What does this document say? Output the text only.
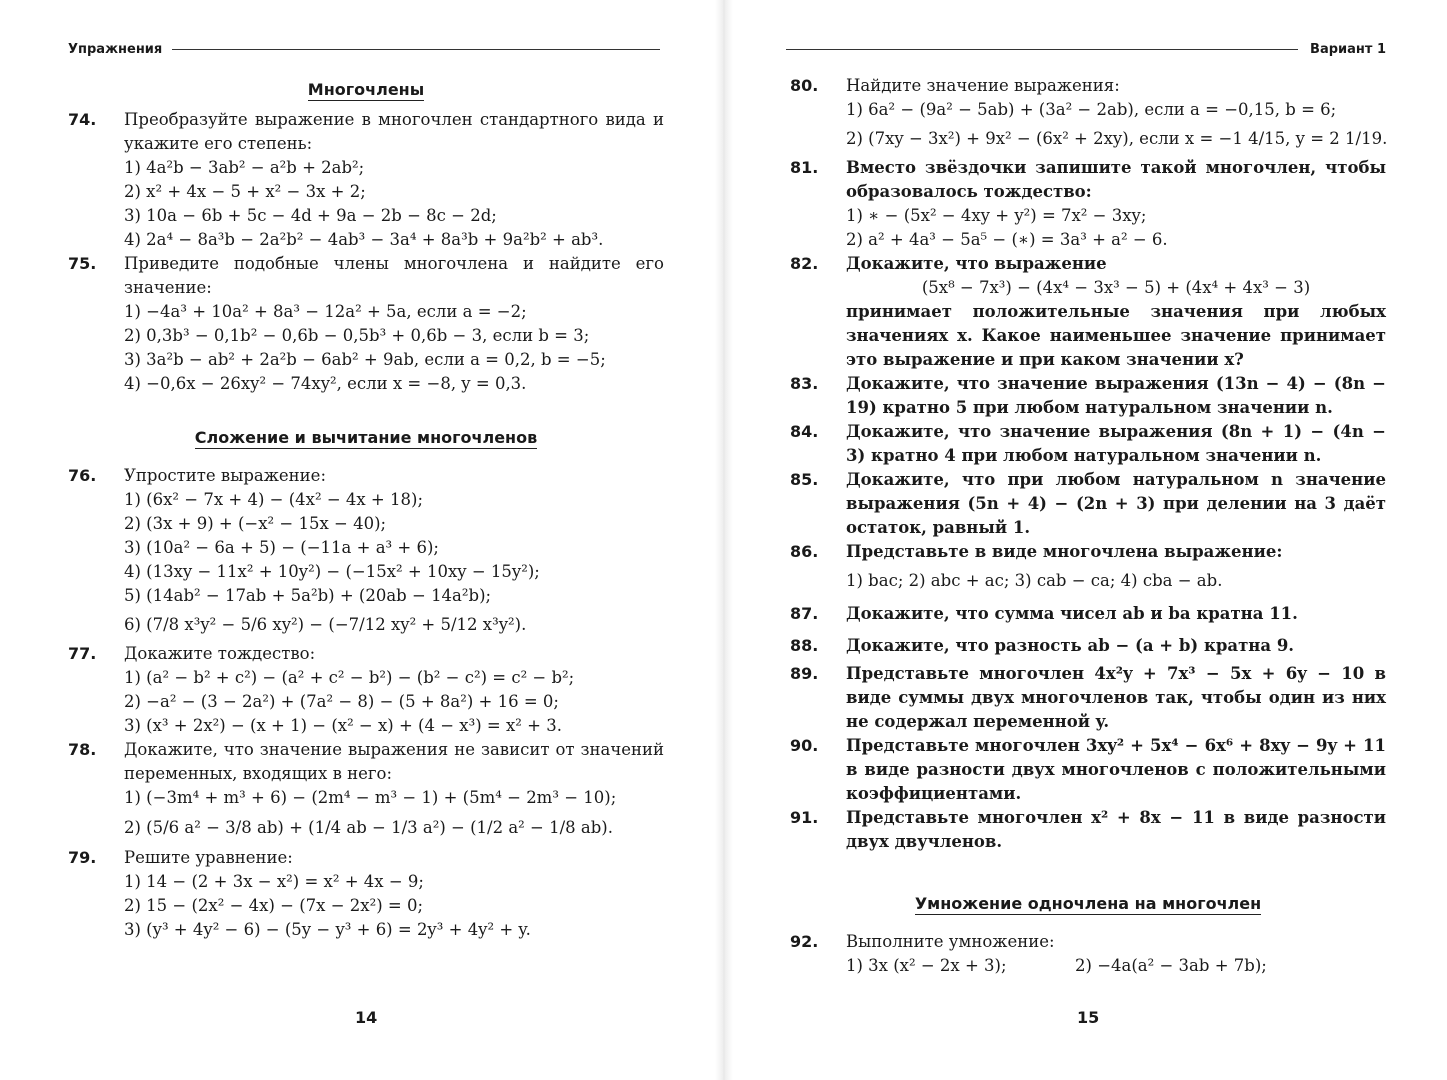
Упражнения
Многочлены
74.	Преобразуйте выражение в многочлен стандартного вида и укажите его степень:
1) 4a²b − 3ab² − a²b + 2ab²;
2) x² + 4x − 5 + x² − 3x + 2;
3) 10a − 6b + 5c − 4d + 9a − 2b − 8c − 2d;
4) 2a⁴ − 8a³b − 2a²b² − 4ab³ − 3a⁴ + 8a³b + 9a²b² + ab³.
75.	Приведите подобные члены многочлена и найдите его значение:
1) −4a³ + 10a² + 8a³ − 12a² + 5a, если a = −2;
2) 0,3b³ − 0,1b² − 0,6b − 0,5b³ + 0,6b − 3, если b = 3;
3) 3a²b − ab² + 2a²b − 6ab² + 9ab, если a = 0,2, b = −5;
4) −0,6x − 26xy² − 74xy², если x = −8, y = 0,3.
Сложение и вычитание многочленов
76.	Упростите выражение:
1) (6x² − 7x + 4) − (4x² − 4x + 18);
2) (3x + 9) + (−x² − 15x − 40);
3) (10a² − 6a + 5) − (−11a + a³ + 6);
4) (13xy − 11x² + 10y²) − (−15x² + 10xy − 15y²);
5) (14ab² − 17ab + 5a²b) + (20ab − 14a²b);
6) (7/8 x³y² − 5/6 xy²) − (−7/12 xy² + 5/12 x³y²).
77.	Докажите тождество:
1) (a² − b² + c²) − (a² + c² − b²) − (b² − c²) = c² − b²;
2) −a² − (3 − 2a²) + (7a² − 8) − (5 + 8a²) + 16 = 0;
3) (x³ + 2x²) − (x + 1) − (x² − x) + (4 − x³) = x² + 3.
78.	Докажите, что значение выражения не зависит от значений переменных, входящих в него:
1) (−3m⁴ + m³ + 6) − (2m⁴ − m³ − 1) + (5m⁴ − 2m³ − 10);
2) (5/6 a² − 3/8 ab) + (1/4 ab − 1/3 a²) − (1/2 a² − 1/8 ab).
79.	Решите уравнение:
1) 14 − (2 + 3x − x²) = x² + 4x − 9;
2) 15 − (2x² − 4x) − (7x − 2x²) = 0;
3) (y³ + 4y² − 6) − (5y − y³ + 6) = 2y³ + 4y² + y.
14
Вариант 1
80.	Найдите значение выражения:
1) 6a² − (9a² − 5ab) + (3a² − 2ab), если a = −0,15, b = 6;
2) (7xy − 3x²) + 9x² − (6x² + 2xy), если x = −1 4/15, y = 2 1/19.
81.	Вместо звёздочки запишите такой многочлен, чтобы образовалось тождество:
1) ∗ − (5x² − 4xy + y²) = 7x² − 3xy;
2) a² + 4a³ − 5a⁵ − (∗) = 3a³ + a² − 6.
82.	Докажите, что выражение
(5x⁸ − 7x³) − (4x⁴ − 3x³ − 5) + (4x⁴ + 4x³ − 3)
принимает положительные значения при любых значениях x. Какое наименьшее значение принимает это выражение и при каком значении x?
83.	Докажите, что значение выражения (13n − 4) − (8n − 19) кратно 5 при любом натуральном значении n.
84.	Докажите, что значение выражения (8n + 1) − (4n − 3) кратно 4 при любом натуральном значении n.
85.	Докажите, что при любом натуральном n значение выражения (5n + 4) − (2n + 3) при делении на 3 даёт остаток, равный 1.
86.	Представьте в виде многочлена выражение:
1) bac; 2) abc + ac; 3) cab − ca; 4) cba − ab.
87.	Докажите, что сумма чисел ab и ba кратна 11.
88.	Докажите, что разность ab − (a + b) кратна 9.
89.	Представьте многочлен 4x²y + 7x³ − 5x + 6y − 10 в виде суммы двух многочленов так, чтобы один из них не содержал переменной y.
90.	Представьте многочлен 3xy² + 5x⁴ − 6x⁶ + 8xy − 9y + 11 в виде разности двух многочленов с положительными коэффициентами.
91.	Представьте многочлен x² + 8x − 11 в виде разности двух двучленов.
Умножение одночлена на многочлен
92.	Выполните умножение:
1) 3x (x² − 2x + 3);	2) −4a(a² − 3ab + 7b);
15
